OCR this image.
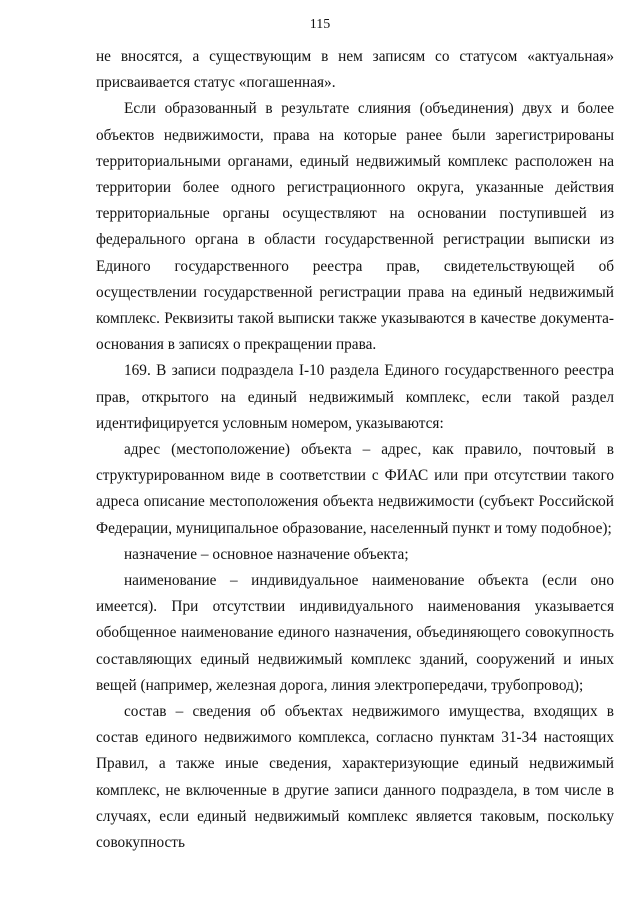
115

не вносятся, а существующим в нем записям со статусом «актуальная» присваивается статус «погашенная».

Если образованный в результате слияния (объединения) двух и более объектов недвижимости, права на которые ранее были зарегистрированы территориальными органами, единый недвижимый комплекс расположен на территории более одного регистрационного округа, указанные действия территориальные органы осуществляют на основании поступившей из федерального органа в области государственной регистрации выписки из Единого государственного реестра прав, свидетельствующей об осуществлении государственной регистрации права на единый недвижимый комплекс. Реквизиты такой выписки также указываются в качестве документа-основания в записях о прекращении права.

169. В записи подраздела I-10 раздела Единого государственного реестра прав, открытого на единый недвижимый комплекс, если такой раздел идентифицируется условным номером, указываются:

адрес (местоположение) объекта – адрес, как правило, почтовый в структурированном виде в соответствии с ФИАС или при отсутствии такого адреса описание местоположения объекта недвижимости (субъект Российской Федерации, муниципальное образование, населенный пункт и тому подобное);

назначение – основное назначение объекта;

наименование – индивидуальное наименование объекта (если оно имеется). При отсутствии индивидуального наименования указывается обобщенное наименование единого назначения, объединяющего совокупность составляющих единый недвижимый комплекс зданий, сооружений и иных вещей (например, железная дорога, линия электропередачи, трубопровод);

состав – сведения об объектах недвижимого имущества, входящих в состав единого недвижимого комплекса, согласно пунктам 31-34 настоящих Правил, а также иные сведения, характеризующие единый недвижимый комплекс, не включенные в другие записи данного подраздела, в том числе в случаях, если единый недвижимый комплекс является таковым, поскольку совокупность
